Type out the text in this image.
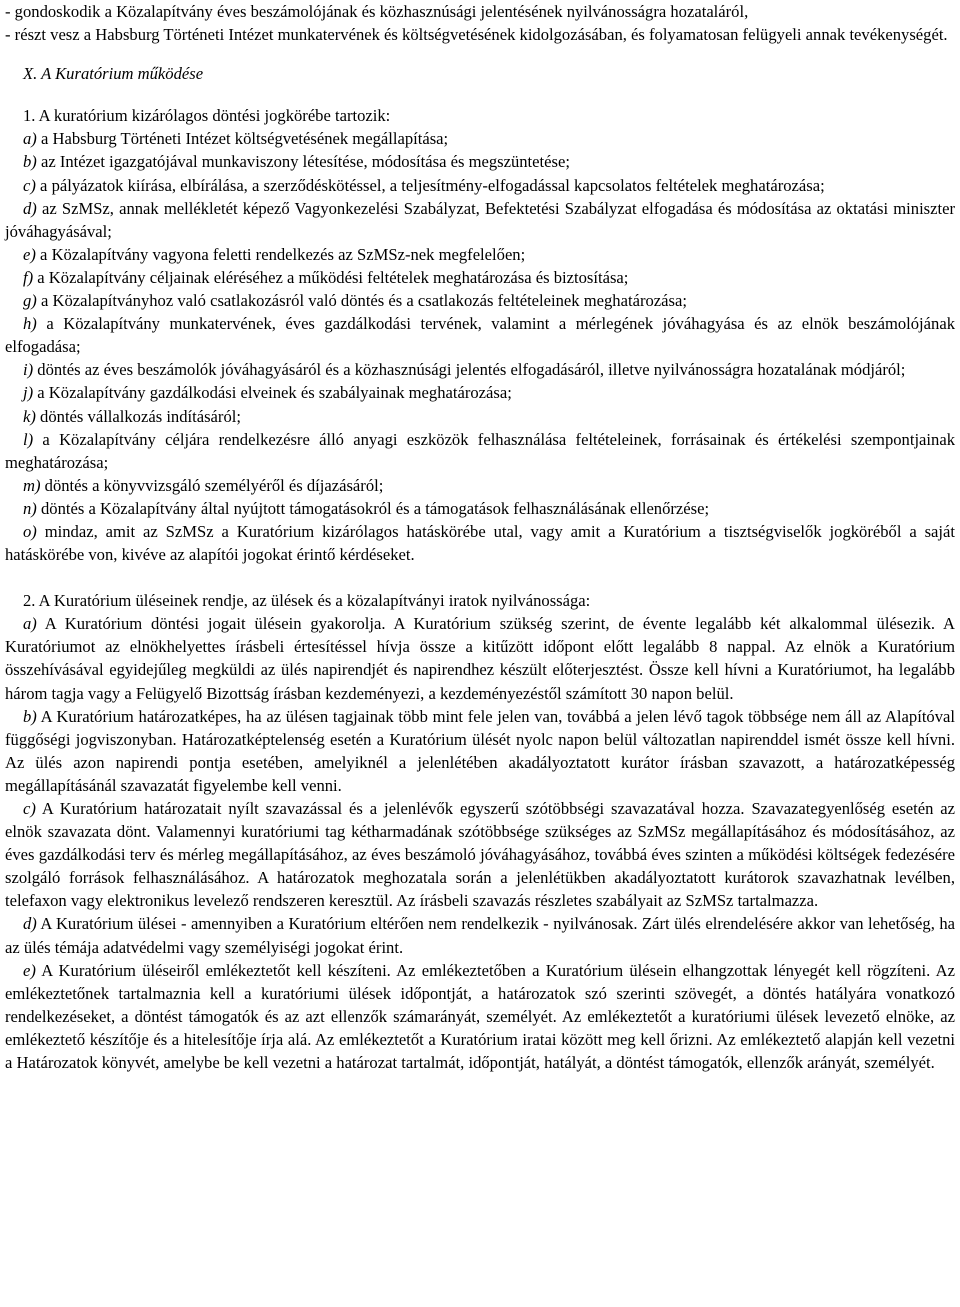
- gondoskodik a Közalapítvány éves beszámolójának és közhasznúsági jelentésének nyilvánosságra hozataláról,

- részt vesz a Habsburg Történeti Intézet munkatervének és költségvetésének kidolgozásában, és folyamatosan felügyeli annak tevékenységét.

X. A Kuratórium működése

1. A kuratórium kizárólagos döntési jogkörébe tartozik:

a) a Habsburg Történeti Intézet költségvetésének megállapítása;

b) az Intézet igazgatójával munkaviszony létesítése, módosítása és megszüntetése;

c) a pályázatok kiírása, elbírálása, a szerződéskötéssel, a teljesítmény-elfogadással kapcsolatos feltételek meghatározása;

d) az SzMSz, annak mellékletét képező Vagyonkezelési Szabályzat, Befektetési Szabályzat elfogadása és módosítása az oktatási miniszter jóváhagyásával;

e) a Közalapítvány vagyona feletti rendelkezés az SzMSz-nek megfelelően;

f) a Közalapítvány céljainak eléréséhez a működési feltételek meghatározása és biztosítása;

g) a Közalapítványhoz való csatlakozásról való döntés és a csatlakozás feltételeinek meghatározása;

h) a Közalapítvány munkatervének, éves gazdálkodási tervének, valamint a mérlegének jóváhagyása és az elnök beszámolójának elfogadása;

i) döntés az éves beszámolók jóváhagyásáról és a közhasznúsági jelentés elfogadásáról, illetve nyilvánosságra hozatalának módjáról;

j) a Közalapítvány gazdálkodási elveinek és szabályainak meghatározása;

k) döntés vállalkozás indításáról;

l) a Közalapítvány céljára rendelkezésre álló anyagi eszközök felhasználása feltételeinek, forrásainak és értékelési szempontjainak meghatározása;

m) döntés a könyvvizsgáló személyéről és díjazásáról;

n) döntés a Közalapítvány által nyújtott támogatásokról és a támogatások felhasználásának ellenőrzése;

o) mindaz, amit az SzMSz a Kuratórium kizárólagos hatáskörébe utal, vagy amit a Kuratórium a tisztségviselők jogköréből a saját hatáskörébe von, kivéve az alapítói jogokat érintő kérdéseket.

2. A Kuratórium üléseinek rendje, az ülések és a közalapítványi iratok nyilvánossága:

a) A Kuratórium döntési jogait ülésein gyakorolja. A Kuratórium szükség szerint, de évente legalább két alkalommal ülésezik. A Kuratóriumot az elnökhelyettes írásbeli értesítéssel hívja össze a kitűzött időpont előtt legalább 8 nappal. Az elnök a Kuratórium összehívásával egyidejűleg megküldi az ülés napirendjét és napirendhez készült előterjesztést. Össze kell hívni a Kuratóriumot, ha legalább három tagja vagy a Felügyelő Bizottság írásban kezdeményezi, a kezdeményezéstől számított 30 napon belül.

b) A Kuratórium határozatképes, ha az ülésen tagjainak több mint fele jelen van, továbbá a jelen lévő tagok többsége nem áll az Alapítóval függőségi jogviszonyban. Határozatképtelenség esetén a Kuratórium ülését nyolc napon belül változatlan napirenddel ismét össze kell hívni. Az ülés azon napirendi pontja esetében, amelyiknél a jelenlétében akadályoztatott kurátor írásban szavazott, a határozatképesség megállapításánál szavazatát figyelembe kell venni.

c) A Kuratórium határozatait nyílt szavazással és a jelenlévők egyszerű szótöbbségi szavazatával hozza. Szavazategyenlőség esetén az elnök szavazata dönt. Valamennyi kuratóriumi tag kétharmadának szótöbbsége szükséges az SzMSz megállapításához és módosításához, az éves gazdálkodási terv és mérleg megállapításához, az éves beszámoló jóváhagyásához, továbbá éves szinten a működési költségek fedezésére szolgáló források felhasználásához. A határozatok meghozatala során a jelenlétükben akadályoztatott kurátorok szavazhatnak levélben, telefaxon vagy elektronikus levelező rendszeren keresztül. Az írásbeli szavazás részletes szabályait az SzMSz tartalmazza.

d) A Kuratórium ülései - amennyiben a Kuratórium eltérően nem rendelkezik - nyilvánosak. Zárt ülés elrendelésére akkor van lehetőség, ha az ülés témája adatvédelmi vagy személyiségi jogokat érint.

e) A Kuratórium üléseiről emlékeztetőt kell készíteni. Az emlékeztetőben a Kuratórium ülésein elhangzottak lényegét kell rögzíteni. Az emlékeztetőnek tartalmaznia kell a kuratóriumi ülések időpontját, a határozatok szó szerinti szövegét, a döntés hatályára vonatkozó rendelkezéseket, a döntést támogatók és az azt ellenzők számarányát, személyét. Az emlékeztetőt a kuratóriumi ülések levezető elnöke, az emlékeztető készítője és a hitelesítője írja alá. Az emlékeztetőt a Kuratórium iratai között meg kell őrizni. Az emlékeztető alapján kell vezetni a Határozatok könyvét, amelybe be kell vezetni a határozat tartalmát, időpontját, hatályát, a döntést támogatók, ellenzők arányát, személyét.
